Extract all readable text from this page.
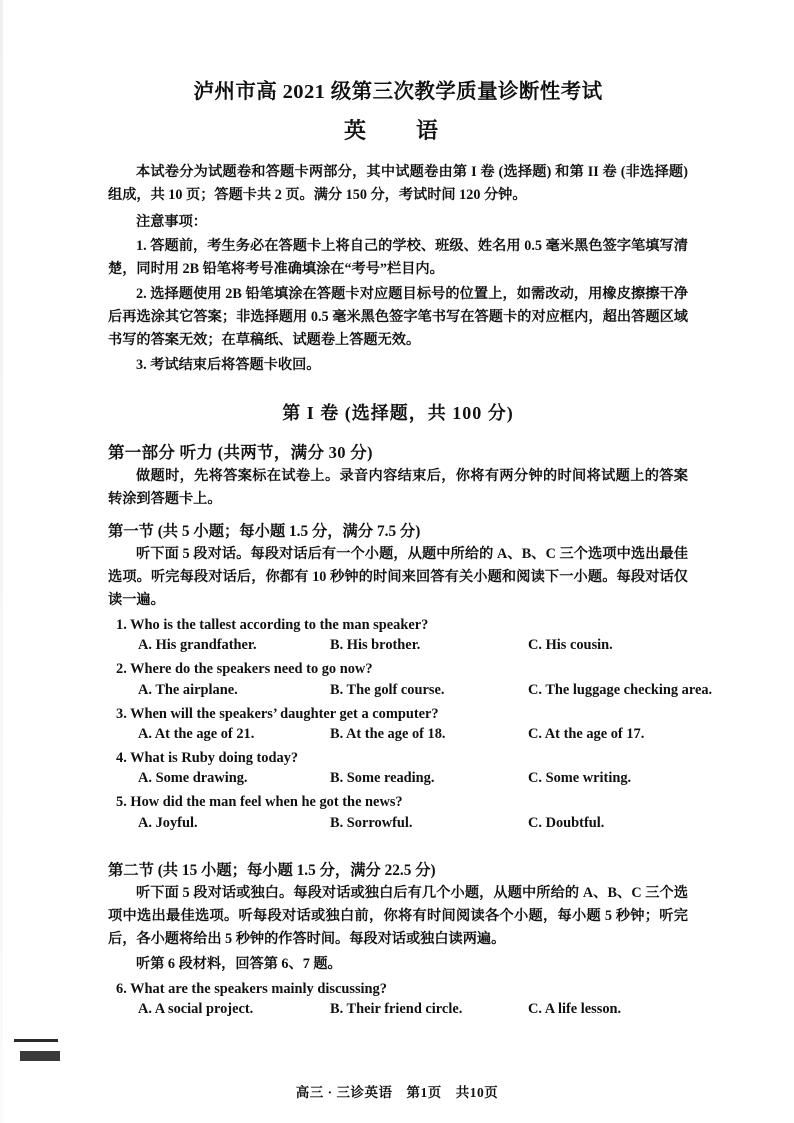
泸州市高 2021 级第三次教学质量诊断性考试
英　语

本试卷分为试题卷和答题卡两部分，其中试题卷由第 I 卷 (选择题) 和第 II 卷 (非选择题) 组成，共 10 页；答题卡共 2 页。满分 150 分，考试时间 120 分钟。

注意事项：

1. 答题前，考生务必在答题卡上将自己的学校、班级、姓名用 0.5 毫米黑色签字笔填写清楚，同时用 2B 铅笔将考号准确填涂在“考号”栏目内。

2. 选择题使用 2B 铅笔填涂在答题卡对应题目标号的位置上，如需改动，用橡皮擦擦干净后再选涂其它答案；非选择题用 0.5 毫米黑色签字笔书写在答题卡的对应框内，超出答题区域书写的答案无效；在草稿纸、试题卷上答题无效。

3. 考试结束后将答题卡收回。

第 I 卷 (选择题，共 100 分)
第一部分 听力 (共两节，满分 30 分)

做题时，先将答案标在试卷上。录音内容结束后，你将有两分钟的时间将试题上的答案转涂到答题卡上。

第一节 (共 5 小题；每小题 1.5 分，满分 7.5 分)

听下面 5 段对话。每段对话后有一个小题，从题中所给的 A、B、C 三个选项中选出最佳选项。听完每段对话后，你都有 10 秒钟的时间来回答有关小题和阅读下一小题。每段对话仅读一遍。

1. Who is the tallest according to the man speaker?

A. His grandfather.	B. His brother.	C. His cousin.

2. Where do the speakers need to go now?

A. The airplane.	B. The golf course.	C. The luggage checking area.

3. When will the speakers’ daughter get a computer?

A. At the age of 21.	B. At the age of 18.	C. At the age of 17.

4. What is Ruby doing today?

A. Some drawing.	B. Some reading.	C. Some writing.

5. How did the man feel when he got the news?

A. Joyful.	B. Sorrowful.	C. Doubtful.
第二节 (共 15 小题；每小题 1.5 分，满分 22.5 分)

听下面 5 段对话或独白。每段对话或独白后有几个小题，从题中所给的 A、B、C 三个选项中选出最佳选项。听每段对话或独白前，你将有时间阅读各个小题，每小题 5 秒钟；听完后，各小题将给出 5 秒钟的作答时间。每段对话或独白读两遍。

听第 6 段材料，回答第 6、7 题。

6. What are the speakers mainly discussing?

A. A social project.	B. Their friend circle.	C. A life lesson.
高三 · 三诊英语 第1页 共10页
